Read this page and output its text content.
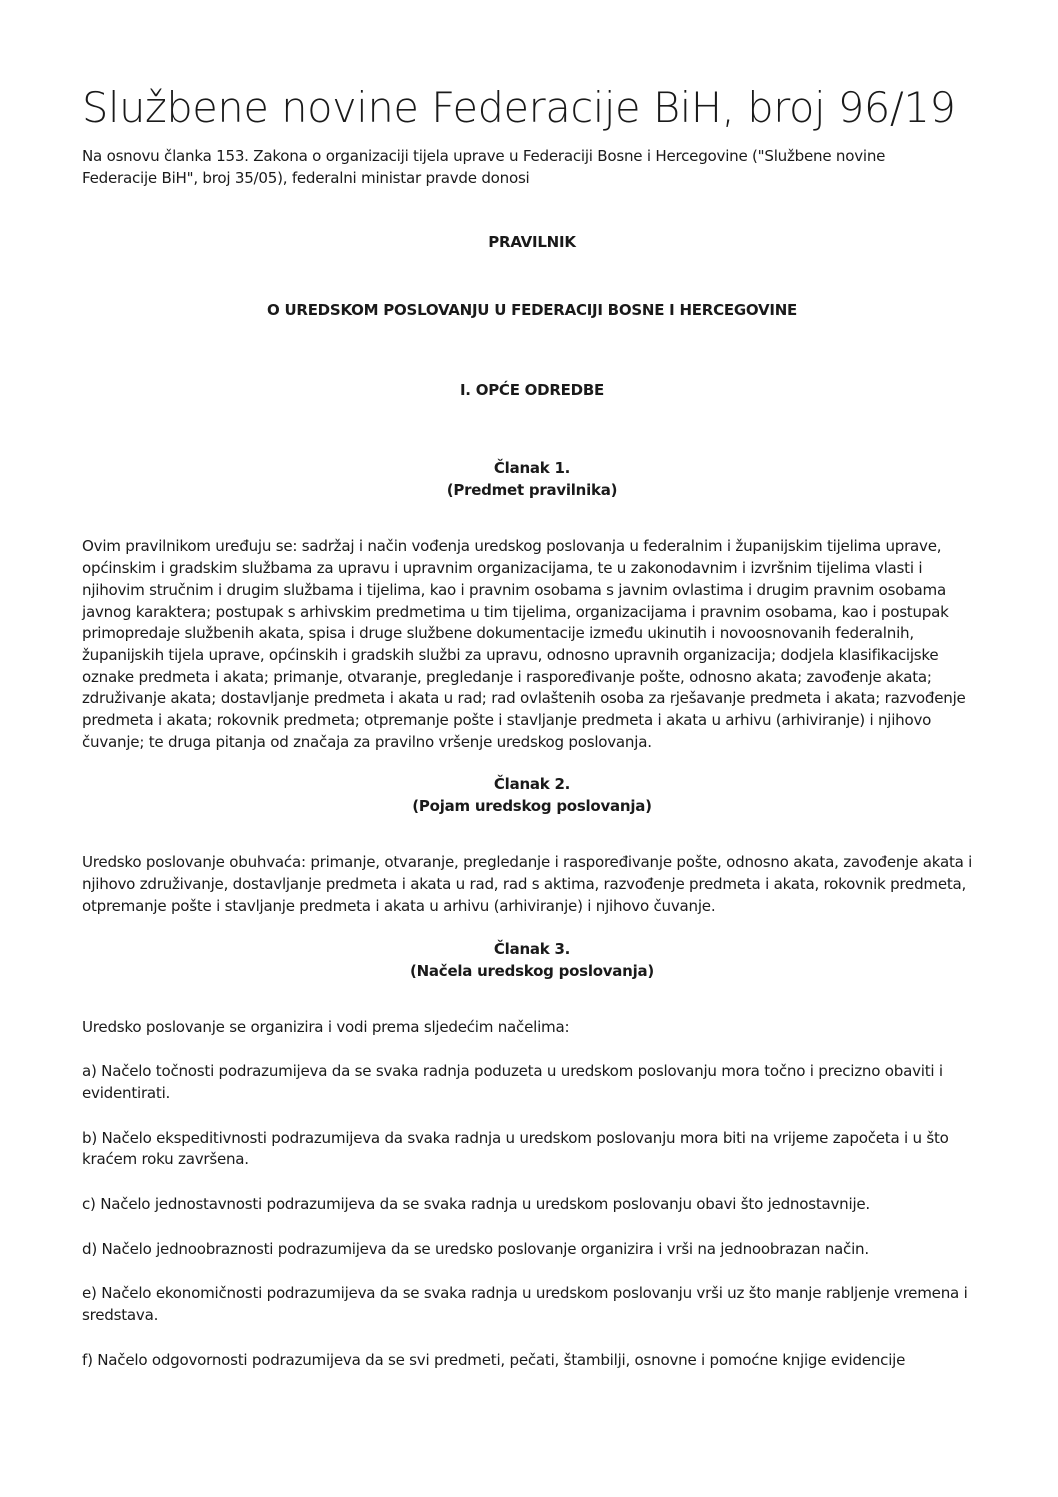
Službene novine Federacije BiH, broj 96/19

Na osnovu članka 153. Zakona o organizaciji tijela uprave u Federaciji Bosne i Hercegovine ("Službene novine Federacije BiH", broj 35/05), federalni ministar pravde donosi

PRAVILNIK
O UREDSKOM POSLOVANJU U FEDERACIJI BOSNE I HERCEGOVINE
I. OPĆE ODREDBE
Članak 1.
(Predmet pravilnika)

Ovim pravilnikom uređuju se: sadržaj i način vođenja uredskog poslovanja u federalnim i županijskim tijelima uprave, općinskim i gradskim službama za upravu i upravnim organizacijama, te u zakonodavnim i izvršnim tijelima vlasti i njihovim stručnim i drugim službama i tijelima, kao i pravnim osobama s javnim ovlastima i drugim pravnim osobama javnog karaktera; postupak s arhivskim predmetima u tim tijelima, organizacijama i pravnim osobama, kao i postupak primopredaje službenih akata, spisa i druge službene dokumentacije između ukinutih i novoosnovanih federalnih, županijskih tijela uprave, općinskih i gradskih službi za upravu, odnosno upravnih organizacija; dodjela klasifikacijske oznake predmeta i akata; primanje, otvaranje, pregledanje i raspoređivanje pošte, odnosno akata; zavođenje akata; združivanje akata; dostavljanje predmeta i akata u rad; rad ovlaštenih osoba za rješavanje predmeta i akata; razvođenje predmeta i akata; rokovnik predmeta; otpremanje pošte i stavljanje predmeta i akata u arhivu (arhiviranje) i njihovo čuvanje; te druga pitanja od značaja za pravilno vršenje uredskog poslovanja.

Članak 2.
(Pojam uredskog poslovanja)

Uredsko poslovanje obuhvaća: primanje, otvaranje, pregledanje i raspoređivanje pošte, odnosno akata, zavođenje akata i njihovo združivanje, dostavljanje predmeta i akata u rad, rad s aktima, razvođenje predmeta i akata, rokovnik predmeta, otpremanje pošte i stavljanje predmeta i akata u arhivu (arhiviranje) i njihovo čuvanje.

Članak 3.
(Načela uredskog poslovanja)

Uredsko poslovanje se organizira i vodi prema sljedećim načelima:

a) Načelo točnosti podrazumijeva da se svaka radnja poduzeta u uredskom poslovanju mora točno i precizno obaviti i evidentirati.

b) Načelo ekspeditivnosti podrazumijeva da svaka radnja u uredskom poslovanju mora biti na vrijeme započeta i u što kraćem roku završena.

c) Načelo jednostavnosti podrazumijeva da se svaka radnja u uredskom poslovanju obavi što jednostavnije.

d) Načelo jednoobraznosti podrazumijeva da se uredsko poslovanje organizira i vrši na jednoobrazan način.

e) Načelo ekonomičnosti podrazumijeva da se svaka radnja u uredskom poslovanju vrši uz što manje rabljenje vremena i sredstava.

f) Načelo odgovornosti podrazumijeva da se svi predmeti, pečati, štambilji, osnovne i pomoćne knjige evidencije
